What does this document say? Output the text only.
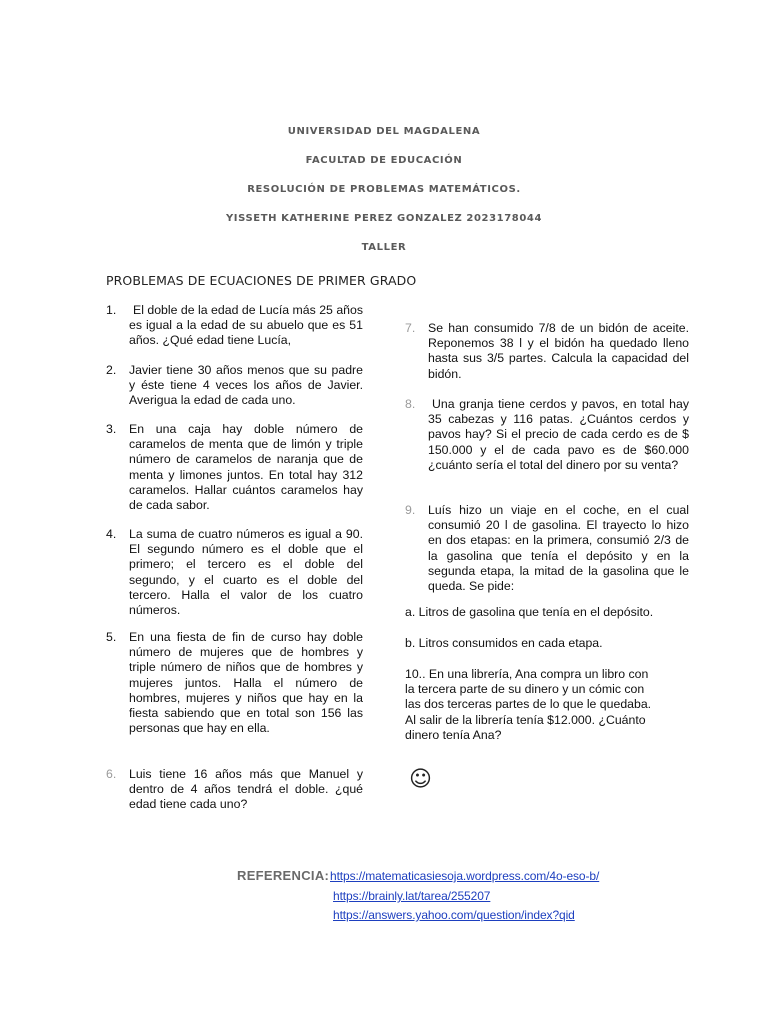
UNIVERSIDAD DEL MAGDALENA
FACULTAD DE EDUCACIÓN
RESOLUCIÓN DE PROBLEMAS MATEMÁTICOS.
YISSETH KATHERINE PEREZ GONZALEZ 2023178044
TALLER
PROBLEMAS DE ECUACIONES DE PRIMER GRADO
1.	El doble de la edad de Lucía más 25 años es igual a la edad de su abuelo que es 51 años. ¿Qué edad tiene Lucía,
2. Javier tiene 30 años menos que su padre y éste tiene 4 veces los años de Javier. Averigua la edad de cada uno.
3. En una caja hay doble número de caramelos de menta que de limón y triple número de caramelos de naranja que de menta y limones juntos. En total hay 312 caramelos. Hallar cuántos caramelos hay de cada sabor.
4. La suma de cuatro números es igual a 90. El segundo número es el doble que el primero; el tercero es el doble del segundo, y el cuarto es el doble del tercero. Halla el valor de los cuatro números.
5. En una fiesta de fin de curso hay doble número de mujeres que de hombres y triple número de niños que de hombres y mujeres juntos. Halla el número de hombres, mujeres y niños que hay en la fiesta sabiendo que en total son 156 las personas que hay en ella.
6. Luis tiene 16 años más que Manuel y dentro de 4 años tendrá el doble. ¿qué edad tiene cada uno?
7. Se han consumido 7/8 de un bidón de aceite. Reponemos 38 l y el bidón ha quedado lleno hasta sus 3/5 partes. Calcula la capacidad del bidón.
8.	Una granja tiene cerdos y pavos, en total hay 35 cabezas y 116 patas. ¿Cuántos cerdos y pavos hay? Si el precio de cada cerdo es de $ 150.000 y el de cada pavo es de $60.000 ¿cuánto sería el total del dinero por su venta?
9. Luís hizo un viaje en el coche, en el cual consumió 20 l de gasolina. El trayecto lo hizo en dos etapas: en la primera, consumió 2/3 de la gasolina que tenía el depósito y en la segunda etapa, la mitad de la gasolina que le queda. Se pide:
a. Litros de gasolina que tenía en el depósito.
b. Litros consumidos en cada etapa.
10.. En una librería, Ana compra un libro con la tercera parte de su dinero y un cómic con las dos terceras partes de lo que le quedaba. Al salir de la librería tenía $12.000. ¿Cuánto dinero tenía Ana?
☺
REFERENCIA: https://matematicasiesoja.wordpress.com/4o-eso-b/
https://brainly.lat/tarea/255207
https://answers.yahoo.com/question/index?qid
